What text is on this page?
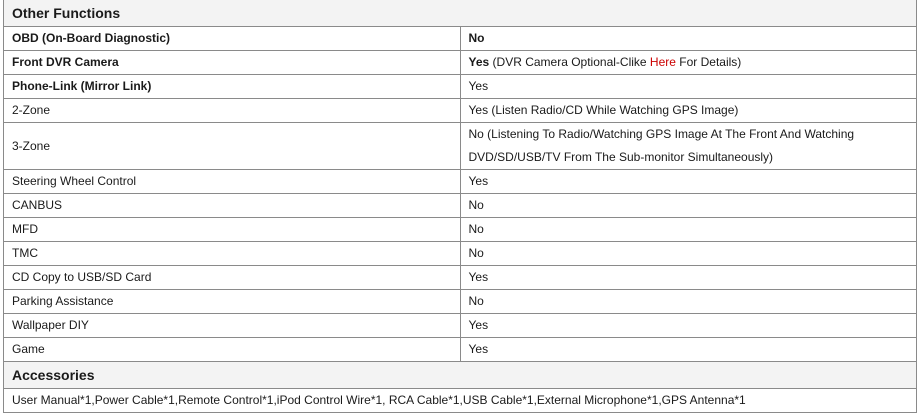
Other Functions	
OBD (On-Board Diagnostic)	No
Front DVR Camera	Yes (DVR Camera Optional-Clike Here For Details)
Phone-Link (Mirror Link)	Yes
2-Zone	Yes (Listen Radio/CD While Watching GPS Image)
3-Zone	No (Listening To Radio/Watching GPS Image At The Front And Watching DVD/SD/USB/TV From The Sub-monitor Simultaneously)
Steering Wheel Control	Yes
CANBUS	No
MFD	No
TMC	No
CD Copy to USB/SD Card	Yes
Parking Assistance	No
Wallpaper DIY	Yes
Game	Yes
Accessories	
User Manual*1,Power Cable*1,Remote Control*1,iPod Control Wire*1, RCA Cable*1,USB Cable*1,External Microphone*1,GPS Antenna*1	
